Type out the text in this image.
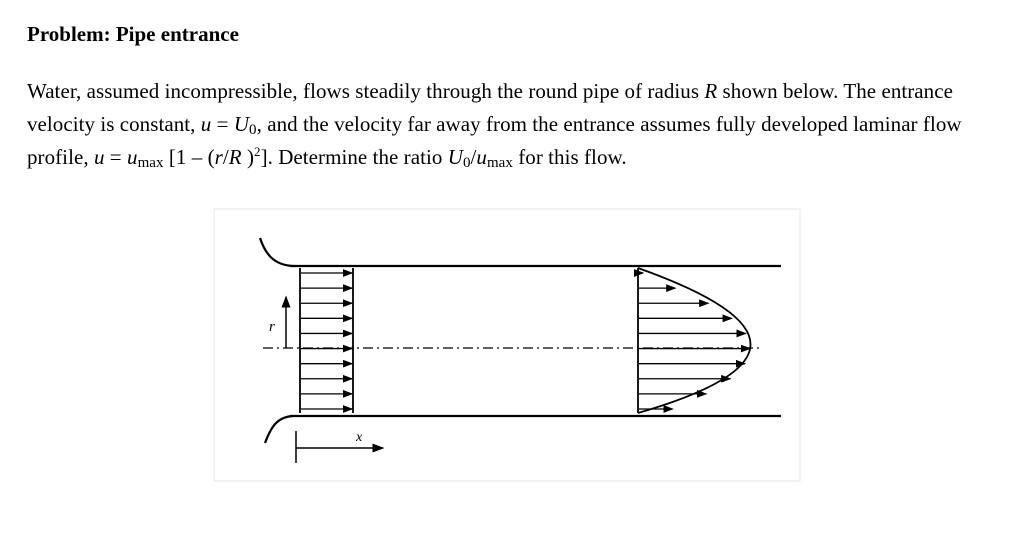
Problem: Pipe entrance
Water, assumed incompressible, flows steadily through the round pipe of radius R shown below. The entrance velocity is constant, $u = U_0$, and the velocity far away from the entrance assumes fully developed laminar flow profile, $u = u_{max}$ [1 – (r/R )$^2$]. Determine the ratio $U_0/u_{max}$ for this flow.
r
x
